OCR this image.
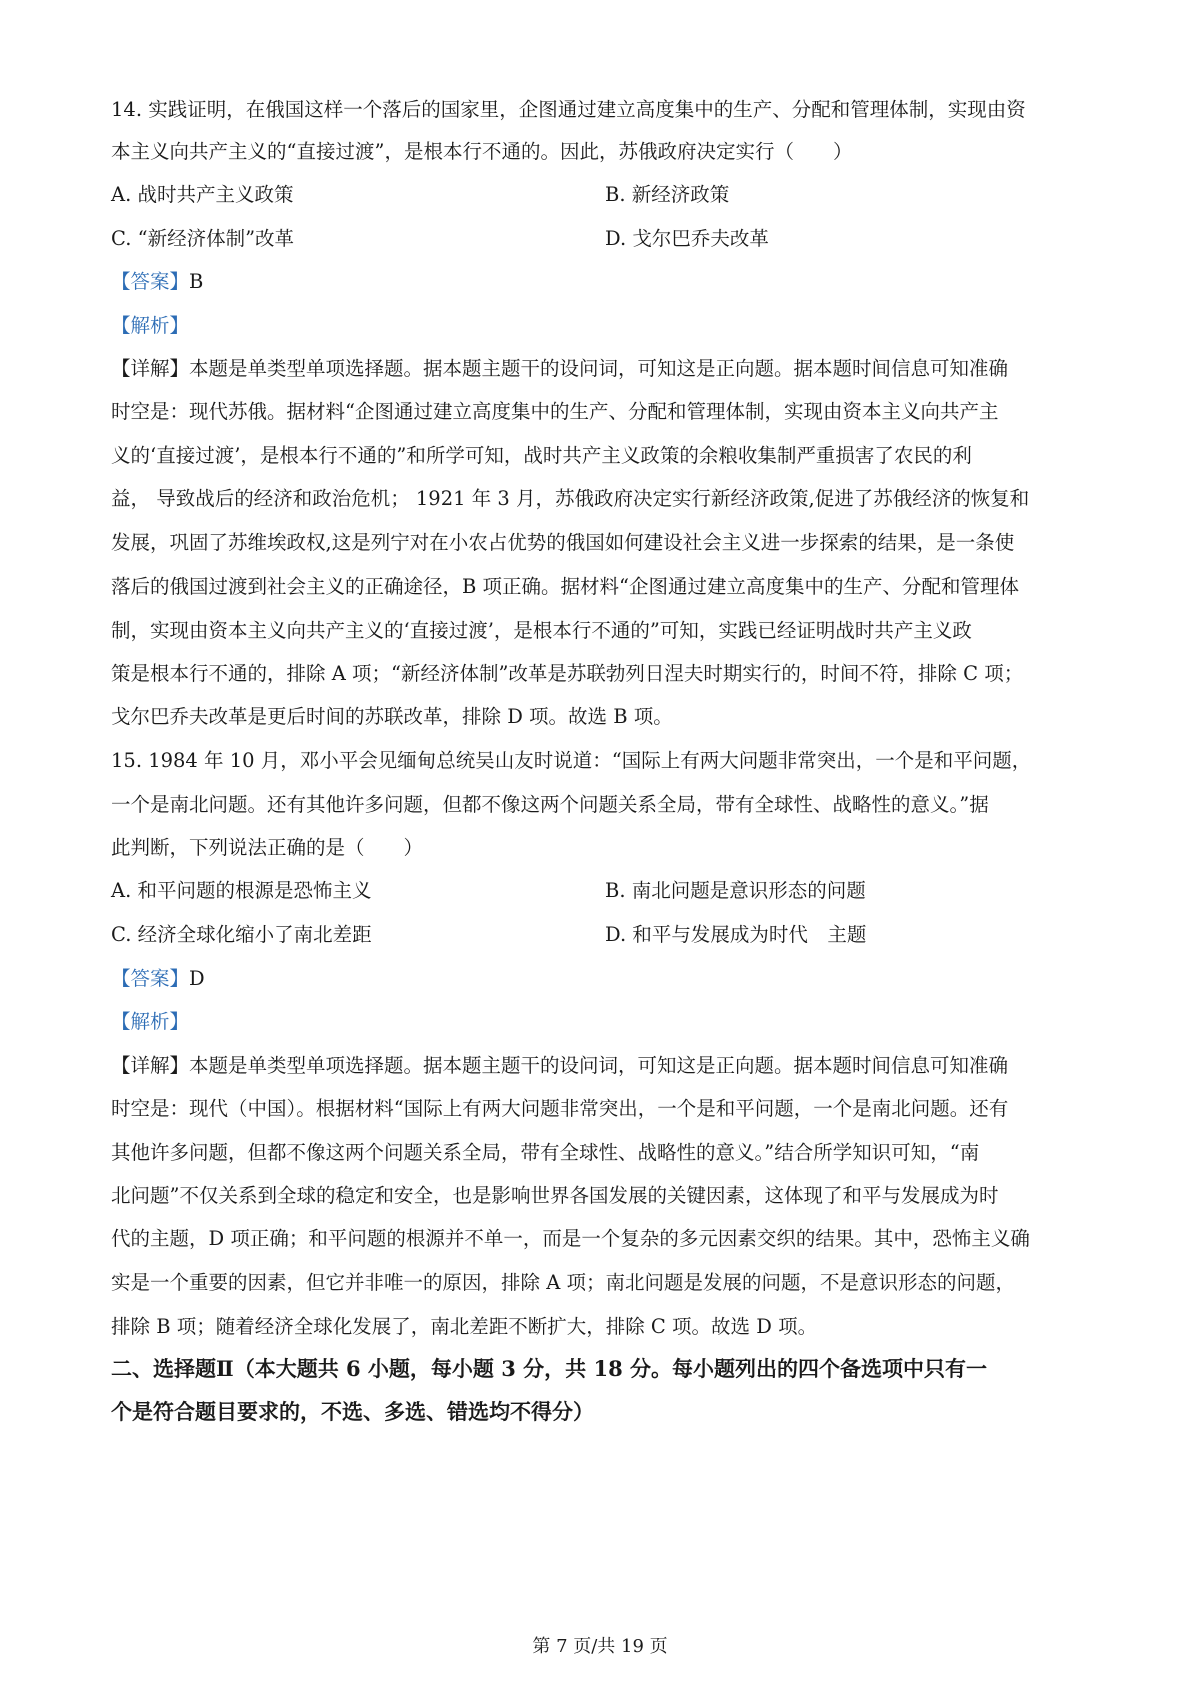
14. 实践证明，在俄国这样一个落后的国家里，企图通过建立高度集中的生产、分配和管理体制，实现由资
本主义向共产主义的“直接过渡”，是根本行不通的。因此，苏俄政府决定实行（　　）
A. 战时共产主义政策	B. 新经济政策
C. “新经济体制”改革	D. 戈尔巴乔夫改革
【答案】B
【解析】
【详解】本题是单类型单项选择题。据本题主题干的设问词，可知这是正向题。据本题时间信息可知准确
时空是：现代苏俄。据材料“企图通过建立高度集中的生产、分配和管理体制，实现由资本主义向共产主
义的‘直接过渡’，是根本行不通的”和所学可知，战时共产主义政策的余粮收集制严重损害了农民的利
益， 导致战后的经济和政治危机； 1921 年 3 月，苏俄政府决定实行新经济政策,促进了苏俄经济的恢复和
发展，巩固了苏维埃政权,这是列宁对在小农占优势的俄国如何建设社会主义进一步探索的结果，是一条使
落后的俄国过渡到社会主义的正确途径，B 项正确。据材料“企图通过建立高度集中的生产、分配和管理体
制，实现由资本主义向共产主义的‘直接过渡’，是根本行不通的”可知，实践已经证明战时共产主义政
策是根本行不通的，排除 A 项；“新经济体制”改革是苏联勃列日涅夫时期实行的，时间不符，排除 C 项；
戈尔巴乔夫改革是更后时间的苏联改革，排除 D 项。故选 B 项。
15. 1984 年 10 月，邓小平会见缅甸总统吴山友时说道：“国际上有两大问题非常突出，一个是和平问题，
一个是南北问题。还有其他许多问题，但都不像这两个问题关系全局，带有全球性、战略性的意义。”据
此判断，下列说法正确的是（　　）
A. 和平问题的根源是恐怖主义	B. 南北问题是意识形态的问题
C. 经济全球化缩小了南北差距	D. 和平与发展成为时代　主题
【答案】D
【解析】
【详解】本题是单类型单项选择题。据本题主题干的设问词，可知这是正向题。据本题时间信息可知准确
时空是：现代（中国）。根据材料“国际上有两大问题非常突出，一个是和平问题，一个是南北问题。还有
其他许多问题，但都不像这两个问题关系全局，带有全球性、战略性的意义。”结合所学知识可知，“南
北问题”不仅关系到全球的稳定和安全，也是影响世界各国发展的关键因素，这体现了和平与发展成为时
代的主题，D 项正确；和平问题的根源并不单一，而是一个复杂的多元因素交织的结果。其中，恐怖主义确
实是一个重要的因素，但它并非唯一的原因，排除 A 项；南北问题是发展的问题，不是意识形态的问题，
排除 B 项；随着经济全球化发展了，南北差距不断扩大，排除 C 项。故选 D 项。
二、选择题Ⅱ（本大题共 6 小题，每小题 3 分，共 18 分。每小题列出的四个备选项中只有一
个是符合题目要求的，不选、多选、错选均不得分）
第 7 页/共 19 页
